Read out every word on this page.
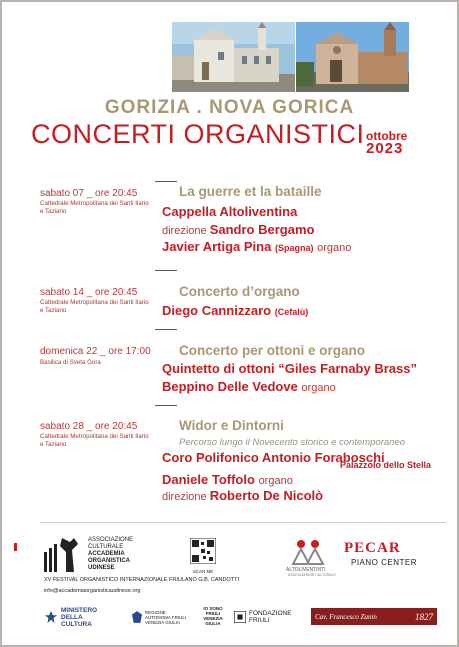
GORIZIA . NOVA GORICA
CONCERTI ORGANISTICI ottobre
2023
sabato 07 _ ore 20:45
Cattedrale Metropolitana dei Santi Ilario e Taziano
La guerre et la bataille
Cappella Altoliventina
direzione Sandro Bergamo
Javier Artiga Pina (Spagna) organo
sabato 14 _ ore 20:45
Cattedrale Metropolitana dei Santi Ilario e Taziano
Concerto d’organo
Diego Cannizzaro (Cefalù)
domenica 22 _ ore 17:00
Basilica di Sveta Gora
Concerto per ottoni e organo
Quintetto di ottoni “Giles Farnaby Brass”
Beppino Delle Vedove organo
sabato 28 _ ore 20:45
Cattedrale Metropolitana dei Santi Ilario e Taziano
Widor e Dintorni
Percorso lungo il Novecento storico e contemporaneo
Coro Polifonico Antonio Foraboschi
Palazzolo dello Stella
Daniele Toffolo organo
direzione Roberto De Nicolò
ASSOCIAZIONE CULTURALE
ACCADEMIA ORGANISTICA UDINESE
XV FESTIVAL ORGANISTICO INTERNAZIONALE FRIULANO G.B. CANDOTTI
info@accademiaorganisticaudinese.org
SCAN ME	ALTOLIVENTINTI
ASSOCIAZIONE CULTURALE
PECAR
PIANO CENTER
MINISTERO DELLA CULTURA
REGIONE AUTONOMA FRIULI VENEZIA GIULIA
IO SONO FRIULI VENEZIA GIULIA
FONDAZIONE FRIULI	Cav. Francesco Zanin	1827
